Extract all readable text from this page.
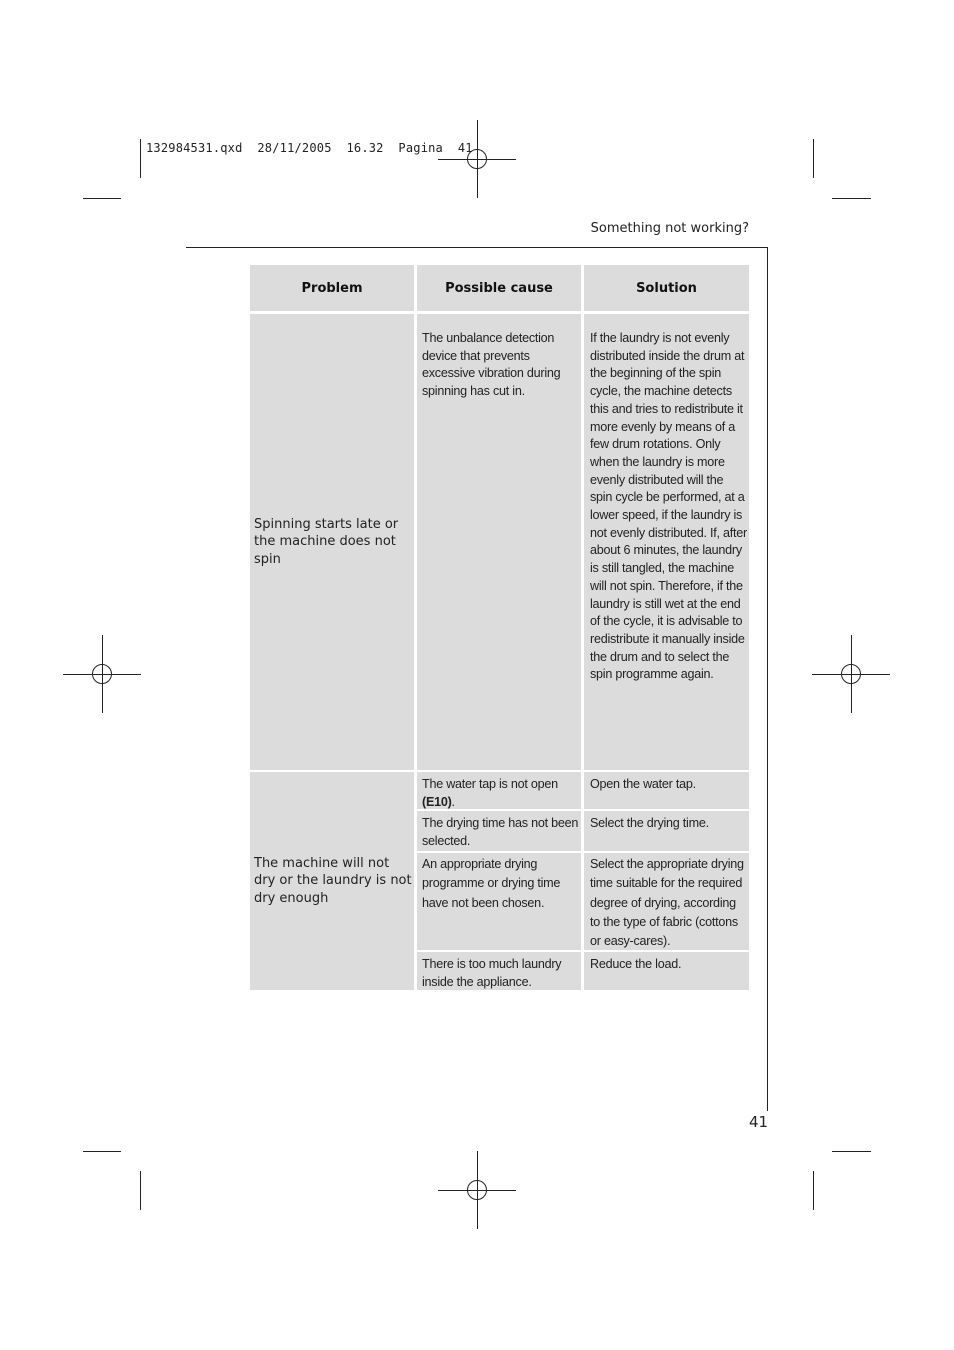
132984531.qxd  28/11/2005  16.32  Pagina  41
Something not working?
41
Problem	Possible cause	Solution
Spinning starts late or the machine does not spin
The unbalance detection device that prevents excessive vibration during spinning has cut in.
If the laundry is not evenly distributed inside the drum at the beginning of the spin cycle, the machine detects this and tries to redistribute it more evenly by means of a few drum rotations. Only when the laundry is more evenly distributed will the spin cycle be performed, at a lower speed, if the laundry is not evenly distributed. If, after about 6 minutes, the laundry is still tangled, the machine will not spin. Therefore, if the laundry is still wet at the end of the cycle, it is advisable to redistribute it manually inside the drum and to select the spin programme again.
The machine will not dry or the laundry is not dry enough
The water tap is not open (E10).
Open the water tap.
The drying time has not been selected.
Select the drying time.
An appropriate drying programme or drying time have not been chosen.
Select the appropriate drying time suitable for the required degree of drying, according to the type of fabric (cottons or easy-cares).
There is too much laundry inside the appliance.
Reduce the load.
